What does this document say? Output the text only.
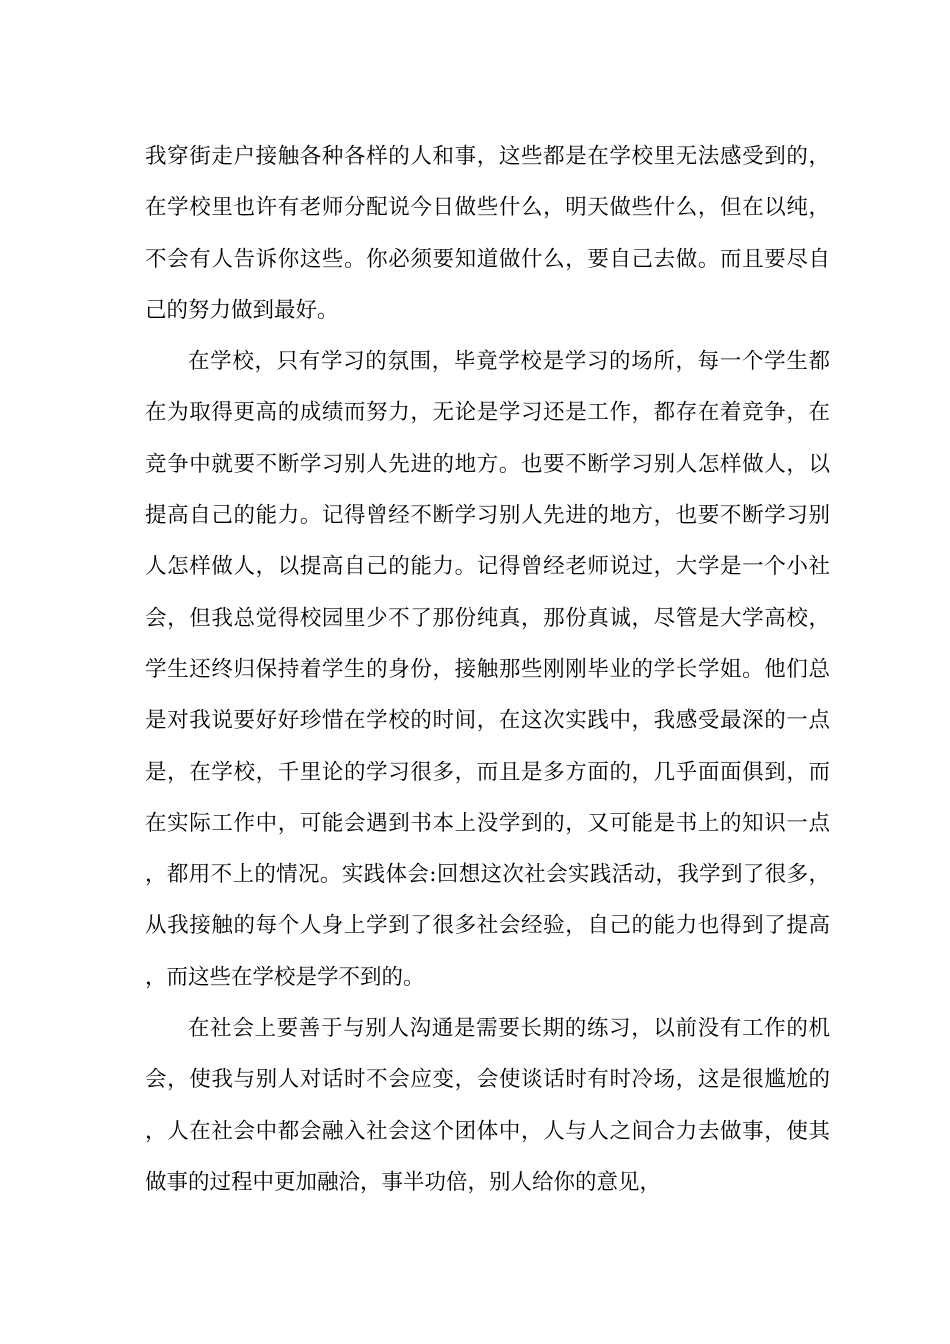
我穿街走户接触各种各样的人和事，这些都是在学校里无法感受到的，在学校里也许有老师分配说今日做些什么，明天做些什么，但在以纯，不会有人告诉你这些。你必须要知道做什么，要自己去做。而且要尽自己的努力做到最好。

在学校，只有学习的氛围，毕竟学校是学习的场所，每一个学生都在为取得更高的成绩而努力，无论是学习还是工作，都存在着竞争，在竞争中就要不断学习别人先进的地方。也要不断学习别人怎样做人，以提高自己的能力。记得曾经不断学习别人先进的地方，也要不断学习别人怎样做人，以提高自己的能力。记得曾经老师说过，大学是一个小社会，但我总觉得校园里少不了那份纯真，那份真诚，尽管是大学高校，学生还终归保持着学生的身份，接触那些刚刚毕业的学长学姐。他们总是对我说要好好珍惜在学校的时间，在这次实践中，我感受最深的一点是，在学校，千里论的学习很多，而且是多方面的，几乎面面俱到，而在实际工作中，可能会遇到书本上没学到的，又可能是书上的知识一点，都用不上的情况。实践体会:回想这次社会实践活动，我学到了很多，从我接触的每个人身上学到了很多社会经验，自己的能力也得到了提高，而这些在学校是学不到的。

在社会上要善于与别人沟通是需要长期的练习，以前没有工作的机会，使我与别人对话时不会应变，会使谈话时有时冷场，这是很尴尬的，人在社会中都会融入社会这个团体中，人与人之间合力去做事，使其做事的过程中更加融洽，事半功倍，别人给你的意见，
